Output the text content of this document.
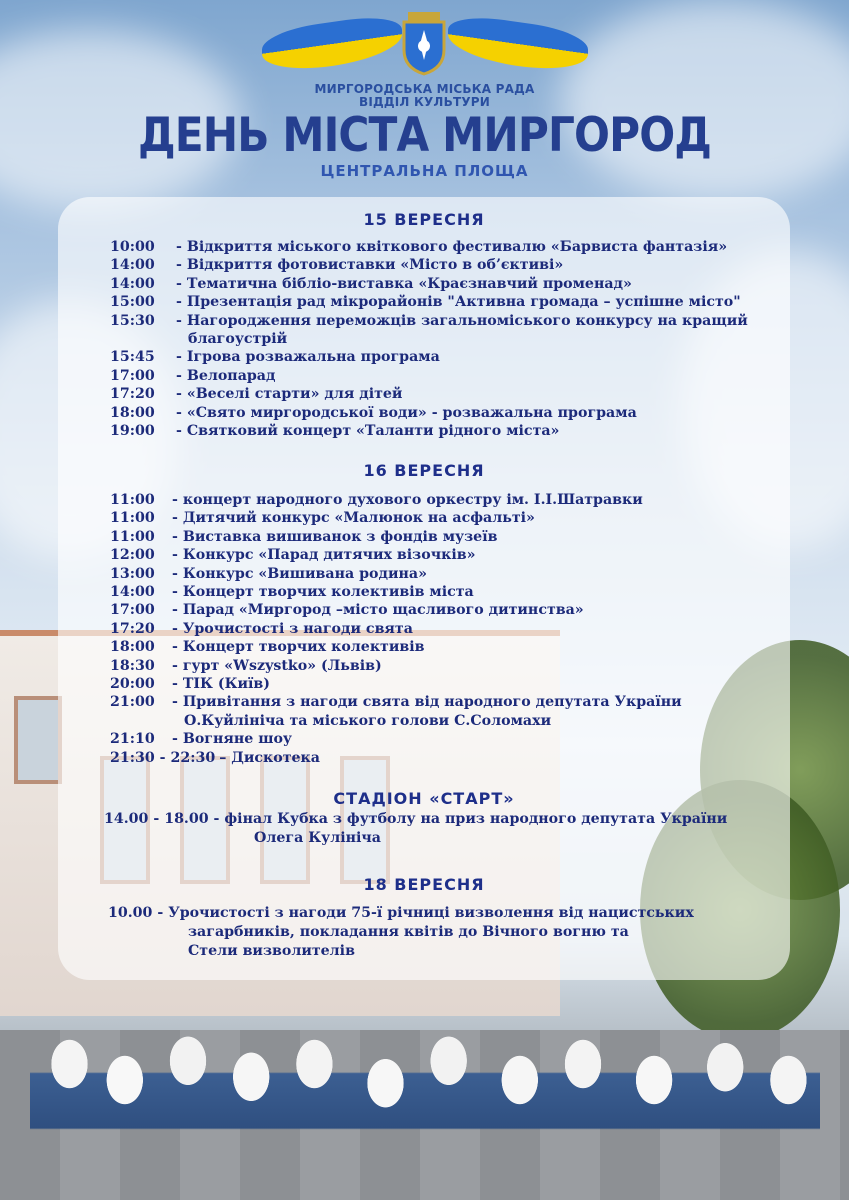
МИРГОРОДСЬКА МІСЬКА РАДА
ВІДДІЛ КУЛЬТУРИ
ДЕНЬ МІСТА МИРГОРОД
ЦЕНТРАЛЬНА ПЛОЩА
15 ВЕРЕСНЯ
10:00	- Відкриття міського квіткового фестивалю «Барвиста фантазія»
14:00	- Відкриття фотовиставки «Місто в об’єктиві»
14:00	- Тематична бібліо-виставка «Краєзнавчий променад»
15:00	- Презентація рад мікрорайонів "Активна громада – успішне місто"
15:30	- Нагородження переможців загальноміського конкурсу на кращий
благоустрій
15:45	- Ігрова розважальна програма
17:00	- Велопарад
17:20	- «Веселі старти» для дітей
18:00	- «Свято миргородської води» - розважальна програма
19:00	- Святковий концерт «Таланти рідного міста»
16 ВЕРЕСНЯ
11:00	- концерт народного духового оркестру ім. І.І.Шатравки
11:00	- Дитячий конкурс «Малюнок на асфальті»
11:00	- Виставка вишиванок з фондів музеїв
12:00	- Конкурс «Парад дитячих візочків»
13:00	- Конкурс «Вишивана родина»
14:00	- Концерт творчих колективів міста
17:00	- Парад «Миргород –місто щасливого дитинства»
17:20	- Урочистості з нагоди свята
18:00	- Концерт творчих колективів
18:30	- гурт «Wszystko» (Львів)
20:00	- ТІК (Київ)
21:00	- Привітання з нагоди свята від народного депутата України
О.Куйлініча та міського голови С.Соломахи
21:10	- Вогняне шоу
21:30 - 22:30 – Дискотека
СТАДІОН «СТАРТ»
14.00 - 18.00 - фінал Кубка з футболу на приз народного депутата України
Олега Кулініча
18 ВЕРЕСНЯ
10.00 - Урочистості з нагоди 75-ї річниці визволення від нацистських
загарбників, покладання квітів до Вічного вогню та
Стели визволителів
